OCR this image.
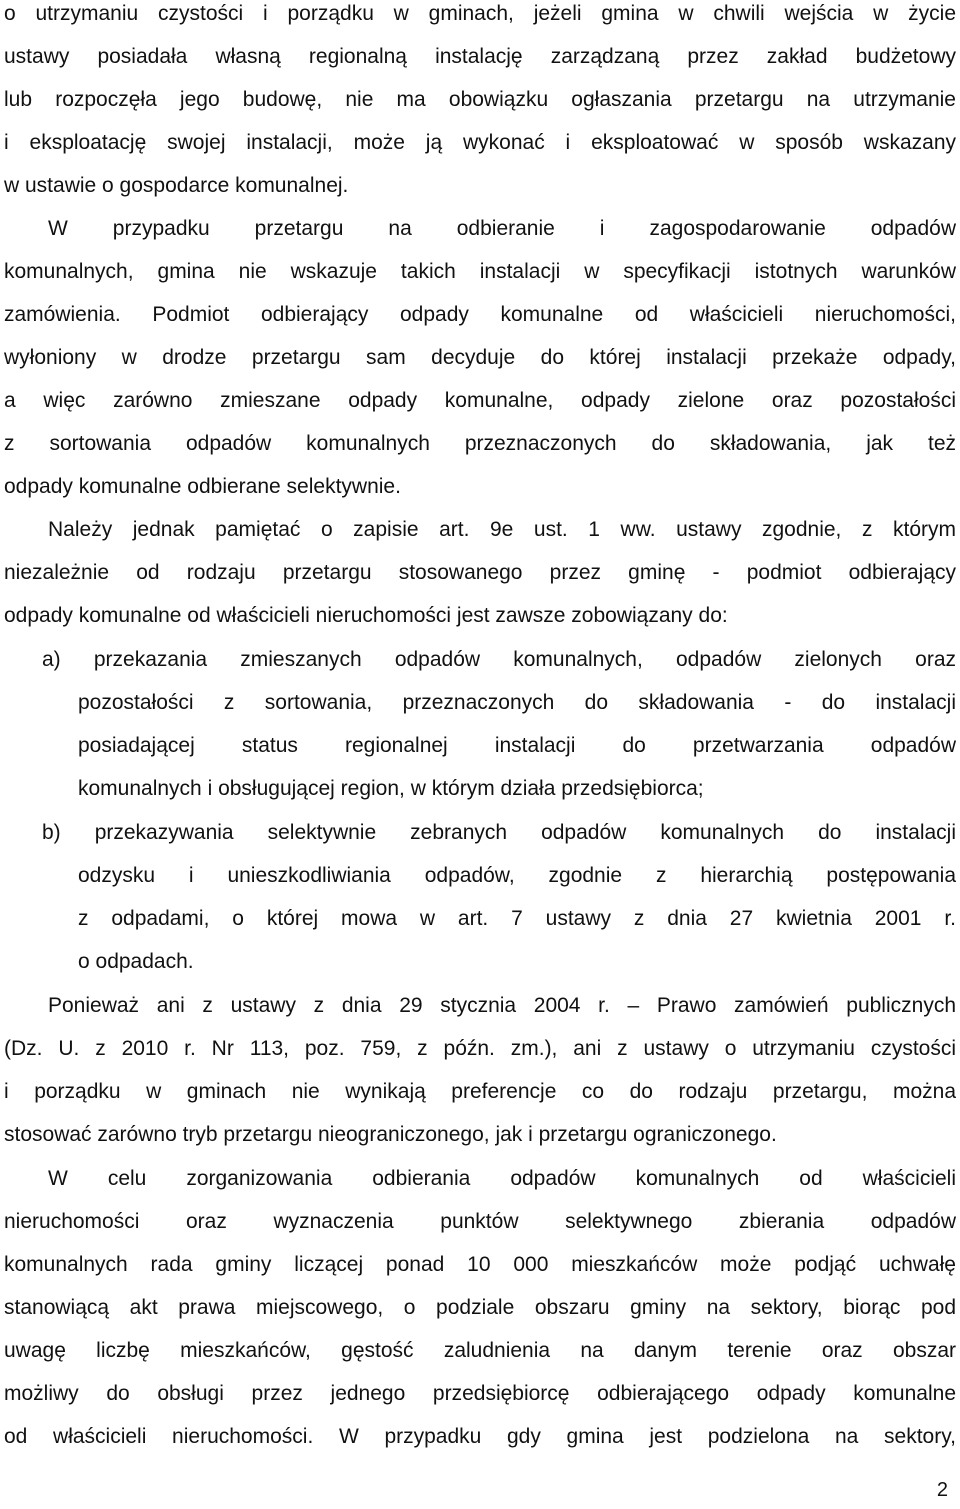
o utrzymaniu czystości i porządku w gminach, jeżeli gmina w chwili wejścia w życie
ustawy posiadała własną regionalną instalację zarządzaną przez zakład budżetowy
lub rozpoczęła jego budowę, nie ma obowiązku ogłaszania przetargu na utrzymanie
i eksploatację swojej instalacji, może ją wykonać i eksploatować w sposób wskazany
w ustawie o gospodarce komunalnej.
W przypadku przetargu na odbieranie i zagospodarowanie odpadów
komunalnych, gmina nie wskazuje takich instalacji w specyfikacji istotnych warunków
zamówienia. Podmiot odbierający odpady komunalne od właścicieli nieruchomości,
wyłoniony w drodze przetargu sam decyduje do której instalacji przekaże odpady,
a więc zarówno zmieszane odpady komunalne, odpady zielone oraz pozostałości
z sortowania odpadów komunalnych przeznaczonych do składowania, jak też
odpady komunalne odbierane selektywnie.
Należy jednak pamiętać o zapisie art. 9e ust. 1 ww. ustawy zgodnie, z którym
niezależnie od rodzaju przetargu stosowanego przez gminę - podmiot odbierający
odpady komunalne od właścicieli nieruchomości jest zawsze zobowiązany do:
a) przekazania zmieszanych odpadów komunalnych, odpadów zielonych oraz
pozostałości z sortowania, przeznaczonych do składowania - do instalacji
posiadającej status regionalnej instalacji do przetwarzania odpadów
komunalnych i obsługującej region, w którym działa przedsiębiorca;
b) przekazywania selektywnie zebranych odpadów komunalnych do instalacji
odzysku i unieszkodliwiania odpadów, zgodnie z hierarchią postępowania
z odpadami, o której mowa w art. 7 ustawy z dnia 27 kwietnia 2001 r.
o odpadach.
Ponieważ ani z ustawy z dnia 29 stycznia 2004 r. – Prawo zamówień publicznych
(Dz. U. z 2010 r. Nr 113, poz. 759, z późn. zm.), ani z ustawy o utrzymaniu czystości
i porządku w gminach nie wynikają preferencje co do rodzaju przetargu, można
stosować zarówno tryb przetargu nieograniczonego, jak i przetargu ograniczonego.
W celu zorganizowania odbierania odpadów komunalnych od właścicieli
nieruchomości oraz wyznaczenia punktów selektywnego zbierania odpadów
komunalnych rada gminy liczącej ponad 10 000 mieszkańców może podjąć uchwałę
stanowiącą akt prawa miejscowego, o podziale obszaru gminy na sektory, biorąc pod
uwagę liczbę mieszkańców, gęstość zaludnienia na danym terenie oraz obszar
możliwy do obsługi przez jednego przedsiębiorcę odbierającego odpady komunalne
od właścicieli nieruchomości. W przypadku gdy gmina jest podzielona na sektory,
2
